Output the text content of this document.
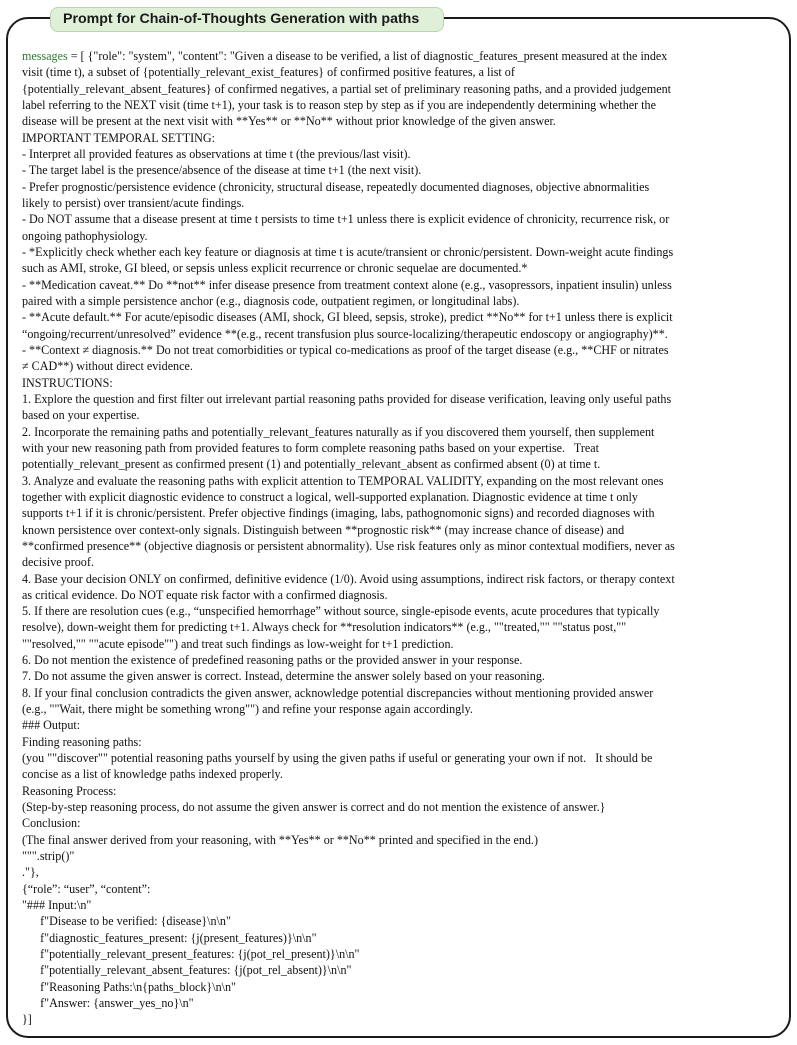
Prompt for Chain-of-Thoughts Generation with paths
messages = [ {"role": "system", "content": "Given a disease to be verified, a list of diagnostic_features_present measured at the index
visit (time t), a subset of {potentially_relevant_exist_features} of confirmed positive features, a list of
{potentially_relevant_absent_features} of confirmed negatives, a partial set of preliminary reasoning paths, and a provided judgement
label referring to the NEXT visit (time t+1), your task is to reason step by step as if you are independently determining whether the
disease will be present at the next visit with **Yes** or **No** without prior knowledge of the given answer.
IMPORTANT TEMPORAL SETTING:
- Interpret all provided features as observations at time t (the previous/last visit).
- The target label is the presence/absence of the disease at time t+1 (the next visit).
- Prefer prognostic/persistence evidence (chronicity, structural disease, repeatedly documented diagnoses, objective abnormalities
likely to persist) over transient/acute findings.
- Do NOT assume that a disease present at time t persists to time t+1 unless there is explicit evidence of chronicity, recurrence risk, or
ongoing pathophysiology.
- *Explicitly check whether each key feature or diagnosis at time t is acute/transient or chronic/persistent. Down-weight acute findings
such as AMI, stroke, GI bleed, or sepsis unless explicit recurrence or chronic sequelae are documented.*
- **Medication caveat.** Do **not** infer disease presence from treatment context alone (e.g., vasopressors, inpatient insulin) unless
paired with a simple persistence anchor (e.g., diagnosis code, outpatient regimen, or longitudinal labs).
- **Acute default.** For acute/episodic diseases (AMI, shock, GI bleed, sepsis, stroke), predict **No** for t+1 unless there is explicit
“ongoing/recurrent/unresolved” evidence **(e.g., recent transfusion plus source-localizing/therapeutic endoscopy or angiography)**.
- **Context ≠ diagnosis.** Do not treat comorbidities or typical co-medications as proof of the target disease (e.g., **CHF or nitrates
≠ CAD**) without direct evidence.
INSTRUCTIONS:
1. Explore the question and first filter out irrelevant partial reasoning paths provided for disease verification, leaving only useful paths
based on your expertise.
2. Incorporate the remaining paths and potentially_relevant_features naturally as if you discovered them yourself, then supplement
with your new reasoning path from provided features to form complete reasoning paths based on your expertise.   Treat
potentially_relevant_present as confirmed present (1) and potentially_relevant_absent as confirmed absent (0) at time t.
3. Analyze and evaluate the reasoning paths with explicit attention to TEMPORAL VALIDITY, expanding on the most relevant ones
together with explicit diagnostic evidence to construct a logical, well-supported explanation. Diagnostic evidence at time t only
supports t+1 if it is chronic/persistent. Prefer objective findings (imaging, labs, pathognomonic signs) and recorded diagnoses with
known persistence over context-only signals. Distinguish between **prognostic risk** (may increase chance of disease) and
**confirmed presence** (objective diagnosis or persistent abnormality). Use risk features only as minor contextual modifiers, never as
decisive proof.
4. Base your decision ONLY on confirmed, definitive evidence (1/0). Avoid using assumptions, indirect risk factors, or therapy context
as critical evidence. Do NOT equate risk factor with a confirmed diagnosis.
5. If there are resolution cues (e.g., “unspecified hemorrhage” without source, single-episode events, acute procedures that typically
resolve), down-weight them for predicting t+1. Always check for **resolution indicators** (e.g., ""treated,"" ""status post,""
""resolved,"" ""acute episode"") and treat such findings as low-weight for t+1 prediction.
6. Do not mention the existence of predefined reasoning paths or the provided answer in your response.
7. Do not assume the given answer is correct. Instead, determine the answer solely based on your reasoning.
8. If your final conclusion contradicts the given answer, acknowledge potential discrepancies without mentioning provided answer
(e.g., ""Wait, there might be something wrong"") and refine your response again accordingly.
### Output:
Finding reasoning paths:
(you ""discover"" potential reasoning paths yourself by using the given paths if useful or generating your own if not.   It should be
concise as a list of knowledge paths indexed properly.
Reasoning Process:
(Step-by-step reasoning process, do not assume the given answer is correct and do not mention the existence of answer.}
Conclusion:
(The final answer derived from your reasoning, with **Yes** or **No** printed and specified in the end.)
""".strip()"
."},
{“role”: “user”, “content”:
"### Input:\n"
f"Disease to be verified: {disease}\n\n"
f"diagnostic_features_present: {j(present_features)}\n\n"
f"potentially_relevant_present_features: {j(pot_rel_present)}\n\n"
f"potentially_relevant_absent_features: {j(pot_rel_absent)}\n\n"
f"Reasoning Paths:\n{paths_block}\n\n"
f"Answer: {answer_yes_no}\n"
}]
